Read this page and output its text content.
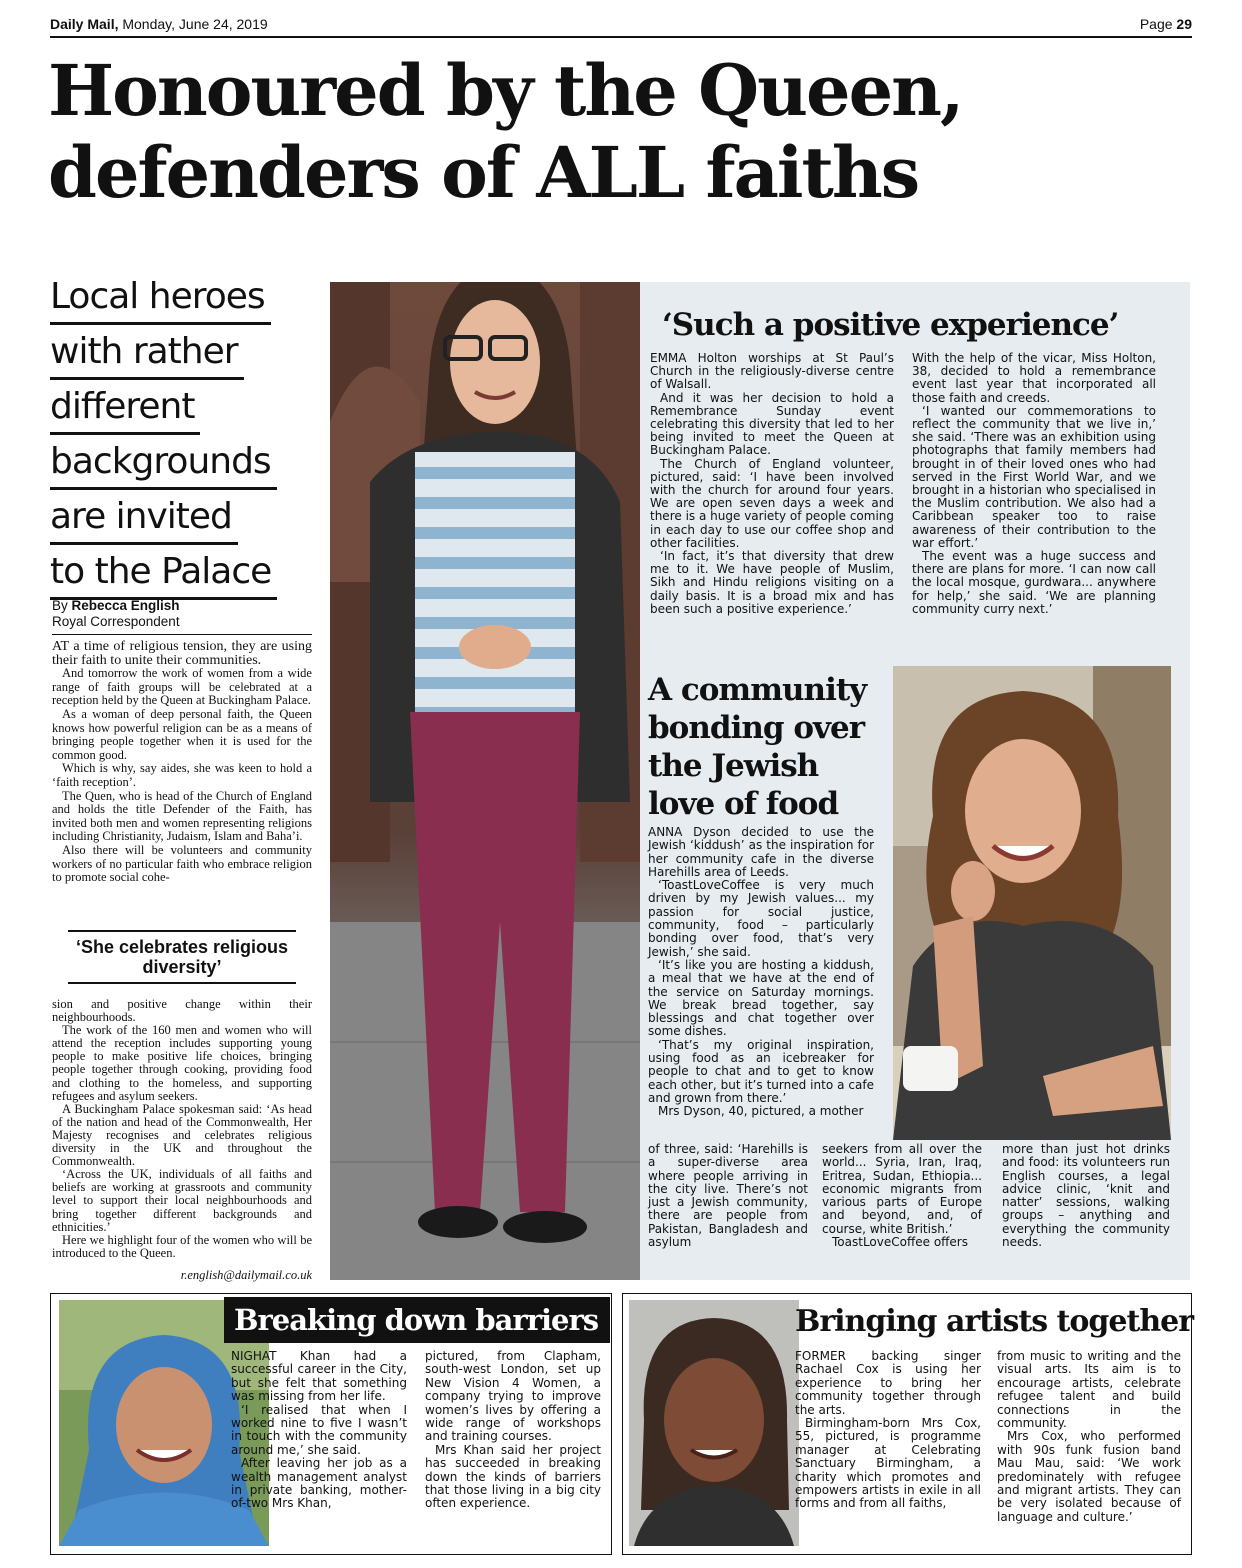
Daily Mail, Monday, June 24, 2019	Page 29
Honoured by the Queen,
defenders of ALL faiths
Local heroes with rather different backgrounds are invited to the Palace
By Rebecca English
Royal Correspondent

AT a time of religious tension, they are using their faith to unite their communities.

And tomorrow the work of women from a wide range of faith groups will be celebrated at a reception held by the Queen at Buckingham Palace.

As a woman of deep personal faith, the Queen knows how powerful religion can be as a means of bringing people together when it is used for the common good.

Which is why, say aides, she was keen to hold a ‘faith reception’.

The Quen, who is head of the Church of England and holds the title Defender of the Faith, has invited both men and women representing religions including Christianity, Judaism, Islam and Baha’i.

Also there will be volunteers and community workers of no particular faith who embrace religion to promote social cohe-

‘She celebrates religious diversity’

sion and positive change within their neighbourhoods.

The work of the 160 men and women who will attend the reception includes supporting young people to make positive life choices, bringing people together through cooking, providing food and clothing to the homeless, and supporting refugees and asylum seekers.

A Buckingham Palace spokesman said: ‘As head of the nation and head of the Commonwealth, Her Majesty recognises and celebrates religious diversity in the UK and throughout the Commonwealth.

‘Across the UK, individuals of all faiths and beliefs are working at grassroots and community level to support their local neighbourhoods and bring together different backgrounds and ethnicities.’

Here we highlight four of the women who will be introduced to the Queen.

r.english@dailymail.co.uk
‘Such a positive experience’

EMMA Holton worships at St Paul’s Church in the religiously-diverse centre of Walsall.

And it was her decision to hold a Remembrance Sunday event celebrating this diversity that led to her being invited to meet the Queen at Buckingham Palace.

The Church of England volunteer, pictured, said: ‘I have been involved with the church for around four years. We are open seven days a week and there is a huge variety of people coming in each day to use our coffee shop and other facilities.

‘In fact, it’s that diversity that drew me to it. We have people of Muslim, Sikh and Hindu religions visiting on a daily basis. It is a broad mix and has been such a positive experience.’

With the help of the vicar, Miss Holton, 38, decided to hold a remembrance event last year that incorporated all those faith and creeds.

‘I wanted our commemorations to reflect the community that we live in,’ she said. ‘There was an exhibition using photographs that family members had brought in of their loved ones who had served in the First World War, and we brought in a historian who specialised in the Muslim contribution. We also had a Caribbean speaker too to raise awareness of their contribution to the war effort.’

The event was a huge success and there are plans for more. ‘I can now call the local mosque, gurdwara... anywhere for help,’ she said. ‘We are planning community curry next.’

A community
bonding over
the Jewish
love of food

ANNA Dyson decided to use the Jewish ‘kiddush’ as the inspiration for her community cafe in the diverse Harehills area of Leeds.

‘ToastLoveCoffee is very much driven by my Jewish values... my passion for social justice, community, food – particularly bonding over food, that’s very Jewish,’ she said.

‘It’s like you are hosting a kiddush, a meal that we have at the end of the service on Saturday mornings. We break bread together, say blessings and chat together over some dishes.

‘That’s my original inspiration, using food as an icebreaker for people to chat and to get to know each other, but it’s turned into a cafe and grown from there.’

Mrs Dyson, 40, pictured, a mother

of three, said: ‘Harehills is a super-diverse area where people arriving in the city live. There’s not just a Jewish community, there are people from Pakistan, Bangladesh and asylum

seekers from all over the world... Syria, Iran, Iraq, Eritrea, Sudan, Ethiopia... economic migrants from various parts of Europe and beyond, and, of course, white British.’

ToastLoveCoffee offers

more than just hot drinks and food: its volunteers run English courses, a legal advice clinic, ‘knit and natter’ sessions, walking groups – anything and everything the community needs.

Breaking down barriers

NIGHAT Khan had a successful career in the City, but she felt that something was missing from her life.

‘I realised that when I worked nine to five I wasn’t in touch with the community around me,’ she said.

After leaving her job as a wealth management analyst in private banking, mother-of-two Mrs Khan,

pictured, from Clapham, south-west London, set up New Vision 4 Women, a company trying to improve women’s lives by offering a wide range of workshops and training courses.

Mrs Khan said her project has succeeded in breaking down the kinds of barriers that those living in a big city often experience.

Bringing artists together

FORMER backing singer Rachael Cox is using her experience to bring her community together through the arts.

Birmingham-born Mrs Cox, 55, pictured, is programme manager at Celebrating Sanctuary Birmingham, a charity which promotes and empowers artists in exile in all forms and from all faiths,

from music to writing and the visual arts. Its aim is to encourage artists, celebrate refugee talent and build connections in the community.

Mrs Cox, who performed with 90s funk fusion band Mau Mau, said: ‘We work predominately with refugee and migrant artists. They can be very isolated because of language and culture.’
